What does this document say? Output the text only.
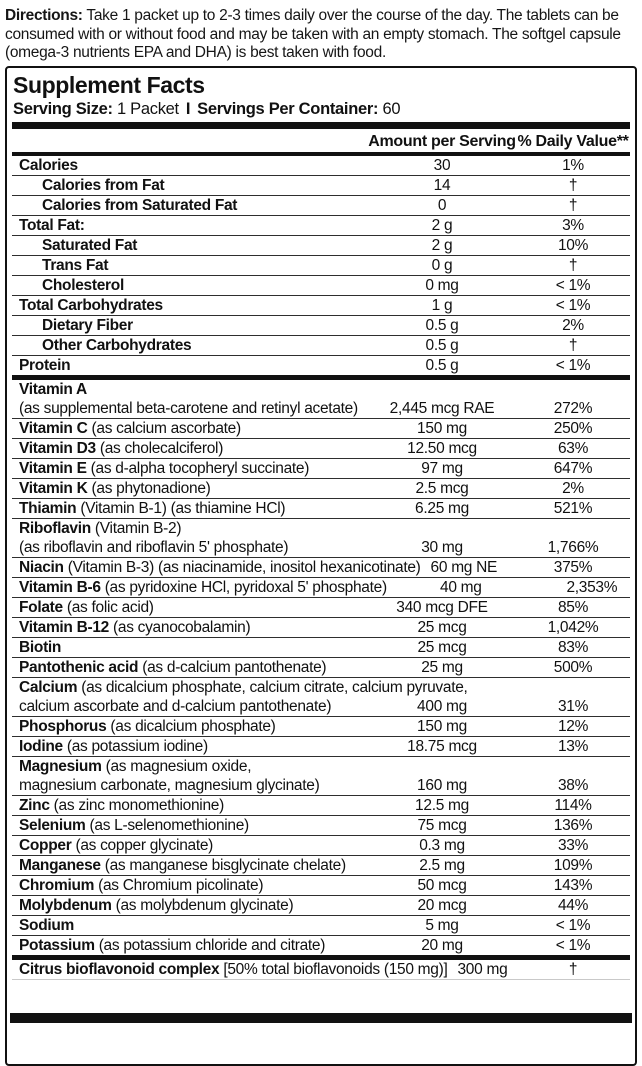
Directions: Take 1 packet up to 2-3 times daily over the course of the day. The tablets can be consumed with or without food and may be taken with an empty stomach. The softgel capsule (omega-3 nutrients EPA and DHA) is best taken with food.
Supplement Facts
Serving Size: 1 Packet I Servings Per Container: 60
Amount per Serving % Daily Value**
Calories	30	1%
Calories from Fat	14	†
Calories from Saturated Fat	0	†
Total Fat:	2 g	3%
Saturated Fat	2 g	10%
Trans Fat	0 g	†
Cholesterol	0 mg	< 1%
Total Carbohydrates	1 g	< 1%
Dietary Fiber	0.5 g	2%
Other Carbohydrates	0.5 g	†
Protein	0.5 g	< 1%
Vitamin A
(as supplemental beta-carotene and retinyl acetate)	2,445 mcg RAE	272%
Vitamin C (as calcium ascorbate)	150 mg	250%
Vitamin D3 (as cholecalciferol)	12.50 mcg	63%
Vitamin E (as d-alpha tocopheryl succinate)	97 mg	647%
Vitamin K (as phytonadione)	2.5 mcg	2%
Thiamin (Vitamin B-1) (as thiamine HCl)	6.25 mg	521%
Riboflavin (Vitamin B-2)
(as riboflavin and riboflavin 5' phosphate)	30 mg	1,766%
Niacin (Vitamin B-3) (as niacinamide, inositol hexanicotinate) 60 mg NE	375%
Vitamin B-6 (as pyridoxine HCl, pyridoxal 5' phosphate)	40 mg	2,353%
Folate (as folic acid)	340 mcg DFE	85%
Vitamin B-12 (as cyanocobalamin)	25 mcg	1,042%
Biotin	25 mcg	83%
Pantothenic acid (as d-calcium pantothenate)	25 mg	500%
Calcium (as dicalcium phosphate, calcium citrate, calcium pyruvate,
calcium ascorbate and d-calcium pantothenate)	400 mg	31%
Phosphorus (as dicalcium phosphate)	150 mg	12%
Iodine (as potassium iodine)	18.75 mcg	13%
Magnesium (as magnesium oxide,
magnesium carbonate, magnesium glycinate)	160 mg	38%
Zinc (as zinc monomethionine)	12.5 mg	114%
Selenium (as L-selenomethionine)	75 mcg	136%
Copper (as copper glycinate)	0.3 mg	33%
Manganese (as manganese bisglycinate chelate)	2.5 mg	109%
Chromium (as Chromium picolinate)	50 mcg	143%
Molybdenum (as molybdenum glycinate)	20 mcg	44%
Sodium	5 mg	< 1%
Potassium (as potassium chloride and citrate)	20 mg	< 1%
Citrus bioflavonoid complex [50% total bioflavonoids (150 mg)] 300 mg	†
